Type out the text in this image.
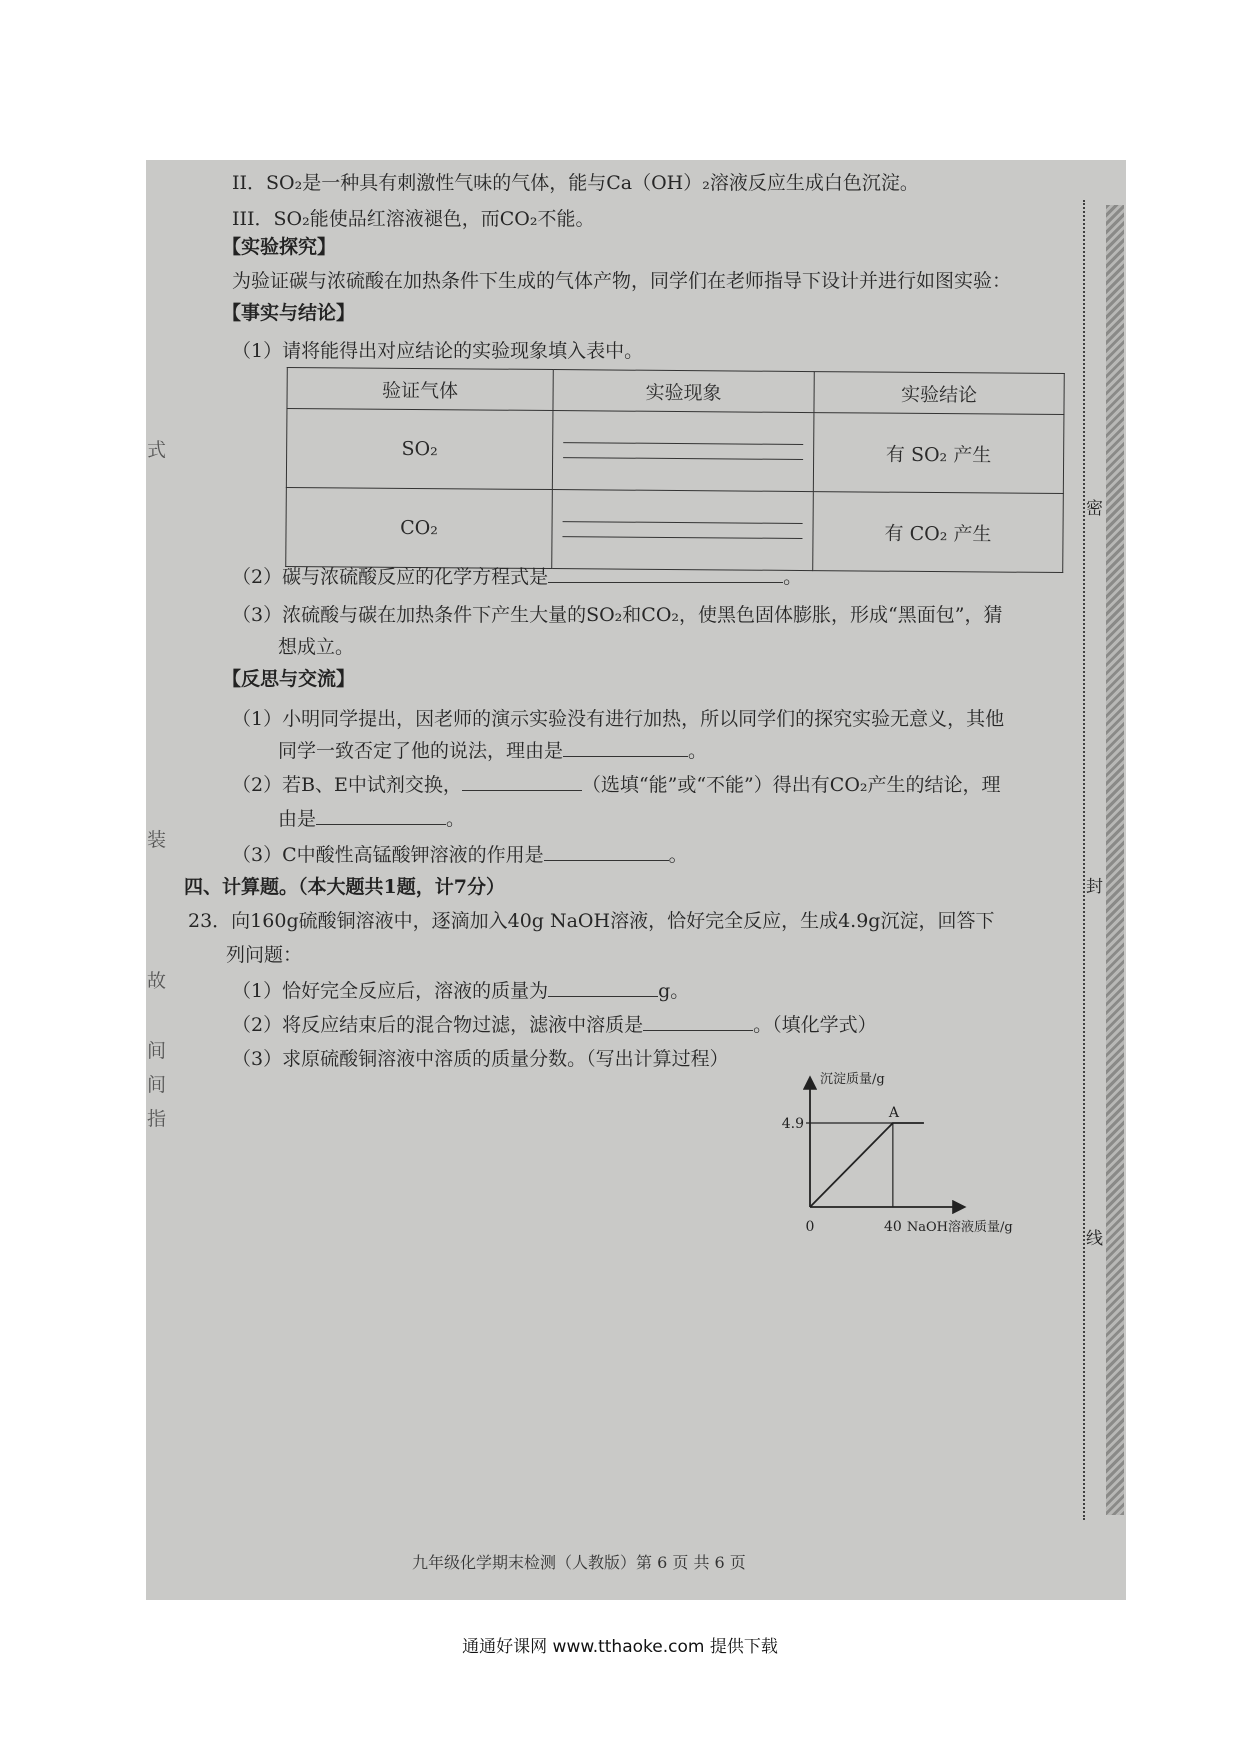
密
封
线
式
装
故
间
间
指
II．SO₂是一种具有刺激性气味的气体，能与Ca（OH）₂溶液反应生成白色沉淀。
III．SO₂能使品红溶液褪色，而CO₂不能。
【实验探究】
为验证碳与浓硫酸在加热条件下生成的气体产物，同学们在老师指导下设计并进行如图实验：
【事实与结论】
（1）请将能得出对应结论的实验现象填入表中。
验证气体	实验现象	实验结论
SO₂		有 SO₂ 产生
CO₂		有 CO₂ 产生
（2）碳与浓硫酸反应的化学方程式是	。
（3）浓硫酸与碳在加热条件下产生大量的SO₂和CO₂，使黑色固体膨胀，形成“黑面包”，猜
想成立。
【反思与交流】
（1）小明同学提出，因老师的演示实验没有进行加热，所以同学们的探究实验无意义，其他
同学一致否定了他的说法，理由是	。
（2）若B、E中试剂交换，	（选填“能”或“不能”）得出有CO₂产生的结论，理
由是	。
（3）C中酸性高锰酸钾溶液的作用是	。
四、计算题。（本大题共1题，计7分）
23．向160g硫酸铜溶液中，逐滴加入40g NaOH溶液，恰好完全反应，生成4.9g沉淀，回答下
列问题：
（1）恰好完全反应后，溶液的质量为	g。
（2）将反应结束后的混合物过滤，滤液中溶质是	。（填化学式）
（3）求原硫酸铜溶液中溶质的质量分数。（写出计算过程）
A
4.9
0	40
沉淀质量/g
NaOH溶液质量/g
九年级化学期末检测（人教版）第 6 页 共 6 页
通通好课网 www.tthaoke.com 提供下载
